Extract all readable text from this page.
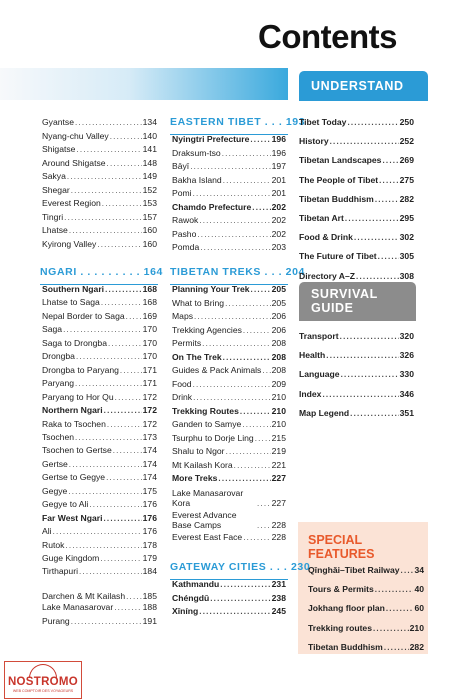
Contents
UNDERSTAND
SURVIVAL
GUIDE
SPECIAL
FEATURES
NGARI . . . . . . . . . 164
EASTERN TIBET . . . 193
TIBETAN TREKS . . . 204
GATEWAY CITIES . . . 230
NOSTROMO
WEB COMPTOIR DES VOYAGEURS
Gyantse .....	134
Nyang-chu Valley .....	140
Shigatse .....	141
Around Shigatse .....	148
Sakya .....	149
Shegar .....	152
Everest Region .....	153
Tingri .....	157
Lhatse .....	160
Kyirong Valley .....	160
Southern Ngari .....	168
Lhatse to Saga .....	168
Nepal Border to Saga ..... 169
Saga .....	170
Saga to Drongba .....	170
Drongba .....	170
Drongba to Paryang .....	171
Paryang .....	171
Paryang to Hor Qu .....	172
Northern Ngari .....	172
Raka to Tsochen .....	172
Tsochen .....	173
Tsochen to Gertse .....	174
Gertse .....	174
Gertse to Gegye .....	174
Gegye .....	175
Gegye to Ali .....	176
Far West Ngari .....	176
Ali .....	176
Rutok .....	178
Guge Kingdom .....	179
Tirthapuri .....	184
Darchen & Mt Kailash ..... 185
Lake Manasarovar .....	188
Purang .....	191
Nyingtri Prefecture .....	196
Draksum-tso .....	196
Bāyī .....	197
Bakha Island .....	201
Pomi .....	201
Chamdo Prefecture ..... 202
Rawok .....	202
Pasho .....	202
Pomda .....	203
Planning Your Trek .....	205
What to Bring .....	205
Maps .....	206
Trekking Agencies .....	206
Permits .....	208
On The Trek .....	208
Guides & Pack Animals ..... 208
Food .....	209
Drink .....	210
Trekking Routes .....	210
Ganden to Samye .....	210
Tsurphu to Dorje Ling ..... 215
Shalu to Ngor .....	219
Mt Kailash Kora .....	221
More Treks .....	227
Lake Manasarovar Kora .....	227
Everest Advance Base Camps .....	228
Everest East Face .....	228
Kathmandu .....	231
Chéngdū .....	238
Xīníng .....	245
Tibet Today .....	250
History .....	252
Tibetan Landscapes ..... 269
The People of Tibet .....	275
Tibetan Buddhism .....	282
Tibetan Art .....	295
Food & Drink .....	302
The Future of Tibet .....	305
Directory A–Z .....	308
Transport .....	320
Health .....	326
Language .....	330
Index .....	346
Map Legend .....	351
Qīnghǎi–Tibet Railway ..... 34
Tours & Permits .....	40
Jokhang floor plan .....	60
Trekking routes .....	210
Tibetan Buddhism .....	282
